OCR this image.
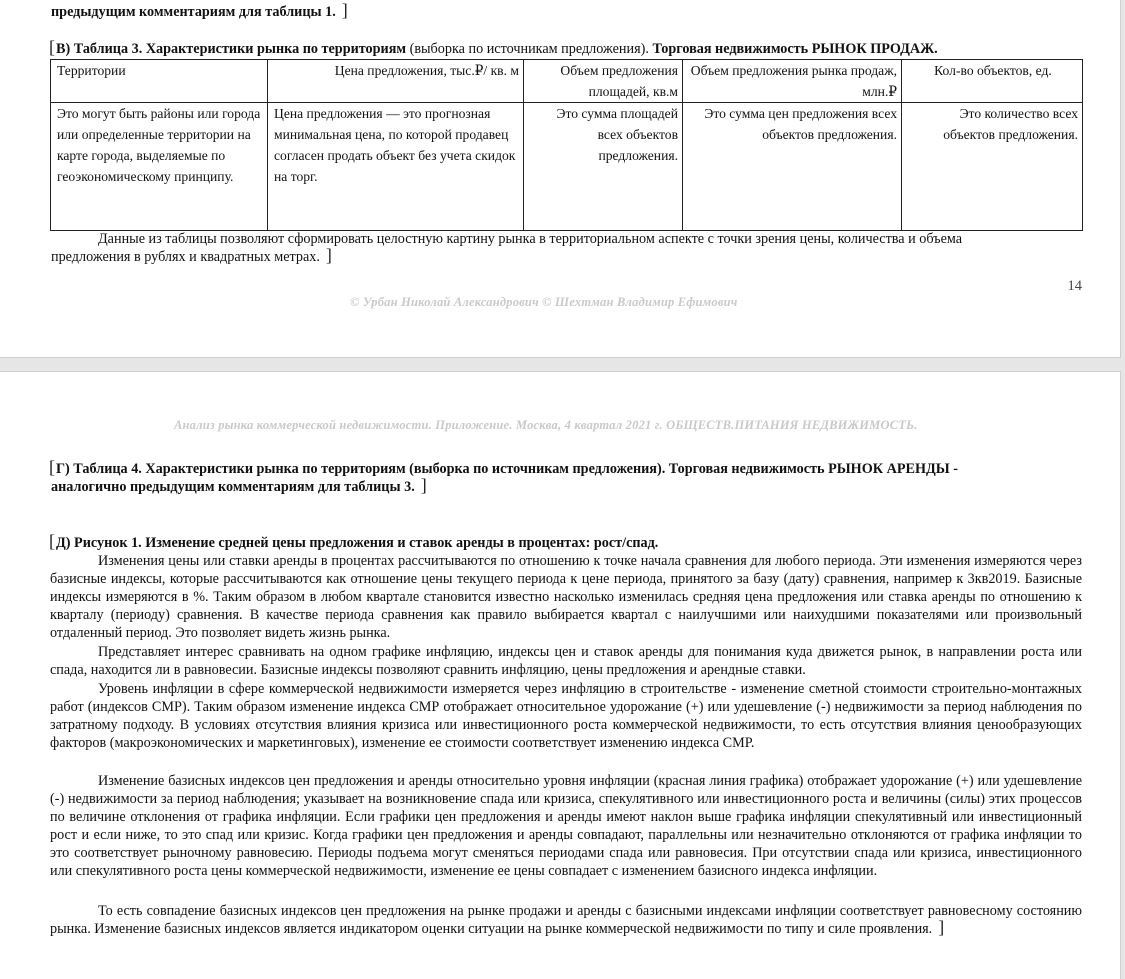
предыдущим комментариям для таблицы 1. ]
[В) Таблица 3. Характеристики рынка по территориям (выборка по источникам предложения). Торговая недвижимость РЫНОК ПРОДАЖ.
Территории	Цена предложения, тыс.₽/ кв. м	Объем предложения площадей, кв.м	Объем предложения рынка продаж, млн.₽	Кол-во объектов, ед.
Это могут быть районы или города или определенные территории на карте города, выделяемые по геоэкономическому принципу.	Цена предложения — это прогнозная минимальная цена, по которой продавец согласен продать объект без учета скидок на торг.	Это сумма площадей всех объектов предложения.	Это сумма цен предложения всех объектов предложения.	Это количество всех объектов предложения.
Данные из таблицы позволяют сформировать целостную картину рынка в территориальном аспекте с точки зрения цены, количества и объема
предложения в рублях и квадратных метрах. ]
14
© Урбан Николай Александрович © Шехтман Владимир Ефимович
Анализ рынка коммерческой недвижимости. Приложение. Москва, 4 квартал 2021 г. ОБЩЕСТВ.ПИТАНИЯ НЕДВИЖИМОСТЬ.
[Г) Таблица 4. Характеристики рынка по территориям (выборка по источникам предложения). Торговая недвижимость РЫНОК АРЕНДЫ -
аналогично предыдущим комментариям для таблицы 3. ]
[Д) Рисунок 1. Изменение средней цены предложения и ставок аренды в процентах: рост/спад.

Изменения цены или ставки аренды в процентах рассчитываются по отношению к точке начала сравнения для любого периода. Эти изменения измеряются через базисные индексы, которые рассчитываются как отношение цены текущего периода к цене периода, принятого за базу (дату) сравнения, например к 3кв2019. Базисные индексы измеряются в %. Таким образом в любом квартале становится известно насколько изменилась средняя цена предложения или ставка аренды по отношению к кварталу (периоду) сравнения. В качестве периода сравнения как правило выбирается квартал с наилучшими или наихудшими показателями или произвольный отдаленный период. Это позволяет видеть жизнь рынка.

Представляет интерес сравнивать на одном графике инфляцию, индексы цен и ставок аренды для понимания куда движется рынок, в направлении роста или спада, находится ли в равновесии. Базисные индексы позволяют сравнить инфляцию, цены предложения и арендные ставки.

Уровень инфляции в сфере коммерческой недвижимости измеряется через инфляцию в строительстве - изменение сметной стоимости строительно-монтажных работ (индексов СМР). Таким образом изменение индекса СМР отображает относительное удорожание (+) или удешевление (-) недвижимости за период наблюдения по затратному подходу. В условиях отсутствия влияния кризиса или инвестиционного роста коммерческой недвижимости, то есть отсутствия влияния ценообразующих факторов (макроэкономических и маркетинговых), изменение ее стоимости соответствует изменению индекса СМР.

Изменение базисных индексов цен предложения и аренды относительно уровня инфляции (красная линия графика) отображает удорожание (+) или удешевление (-) недвижимости за период наблюдения; указывает на возникновение спада или кризиса, спекулятивного или инвестиционного роста и величины (силы) этих процессов по величине отклонения от графика инфляции. Если графики цен предложения и аренды имеют наклон выше графика инфляции спекулятивный или инвестиционный рост и если ниже, то это спад или кризис. Когда графики цен предложения и аренды совпадают, параллельны или незначительно отклоняются от графика инфляции то это соответствует рыночному равновесию. Периоды подъема могут сменяться периодами спада или равновесия. При отсутствии спада или кризиса, инвестиционного или спекулятивного роста цены коммерческой недвижимости, изменение ее цены совпадает с изменением базисного индекса инфляции.

То есть совпадение базисных индексов цен предложения на рынке продажи и аренды с базисными индексами инфляции соответствует равновесному состоянию рынка. Изменение базисных индексов является индикатором оценки ситуации на рынке коммерческой недвижимости по типу и силе проявления. ]
